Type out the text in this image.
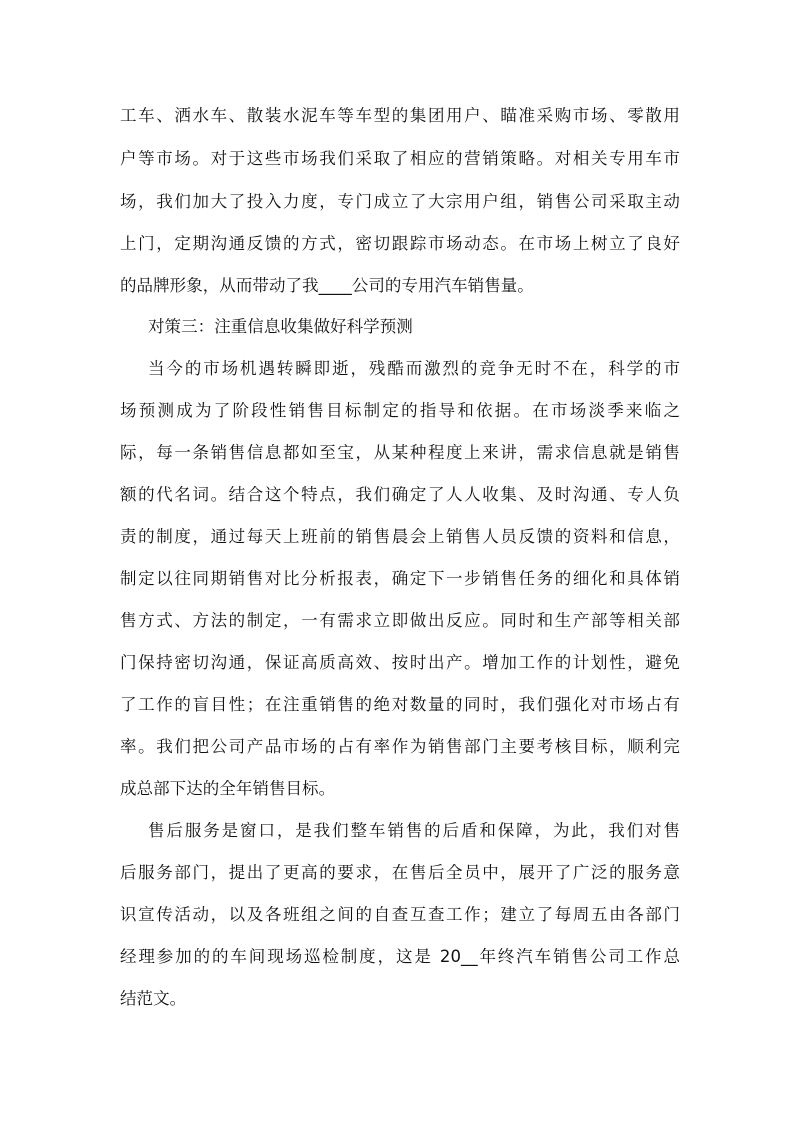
工车、洒水车、散装水泥车等车型的集团用户、瞄准采购市场、零散用
户等市场。对于这些市场我们采取了相应的营销策略。对相关专用车市
场，我们加大了投入力度，专门成立了大宗用户组，销售公司采取主动
上门，定期沟通反馈的方式，密切跟踪市场动态。在市场上树立了良好
的品牌形象，从而带动了我____公司的专用汽车销售量。
对策三：注重信息收集做好科学预测
当今的市场机遇转瞬即逝，残酷而激烈的竞争无时不在，科学的市
场预测成为了阶段性销售目标制定的指导和依据。在市场淡季来临之
际，每一条销售信息都如至宝，从某种程度上来讲，需求信息就是销售
额的代名词。结合这个特点，我们确定了人人收集、及时沟通、专人负
责的制度，通过每天上班前的销售晨会上销售人员反馈的资料和信息，
制定以往同期销售对比分析报表，确定下一步销售任务的细化和具体销
售方式、方法的制定，一有需求立即做出反应。同时和生产部等相关部
门保持密切沟通，保证高质高效、按时出产。增加工作的计划性，避免
了工作的盲目性；在注重销售的绝对数量的同时，我们强化对市场占有
率。我们把公司产品市场的占有率作为销售部门主要考核目标，顺利完
成总部下达的全年销售目标。
售后服务是窗口，是我们整车销售的后盾和保障，为此，我们对售
后服务部门，提出了更高的要求，在售后全员中，展开了广泛的服务意
识宣传活动，以及各班组之间的自查互查工作；建立了每周五由各部门
经理参加的的车间现场巡检制度，这是 20__年终汽车销售公司工作总
结范文。
